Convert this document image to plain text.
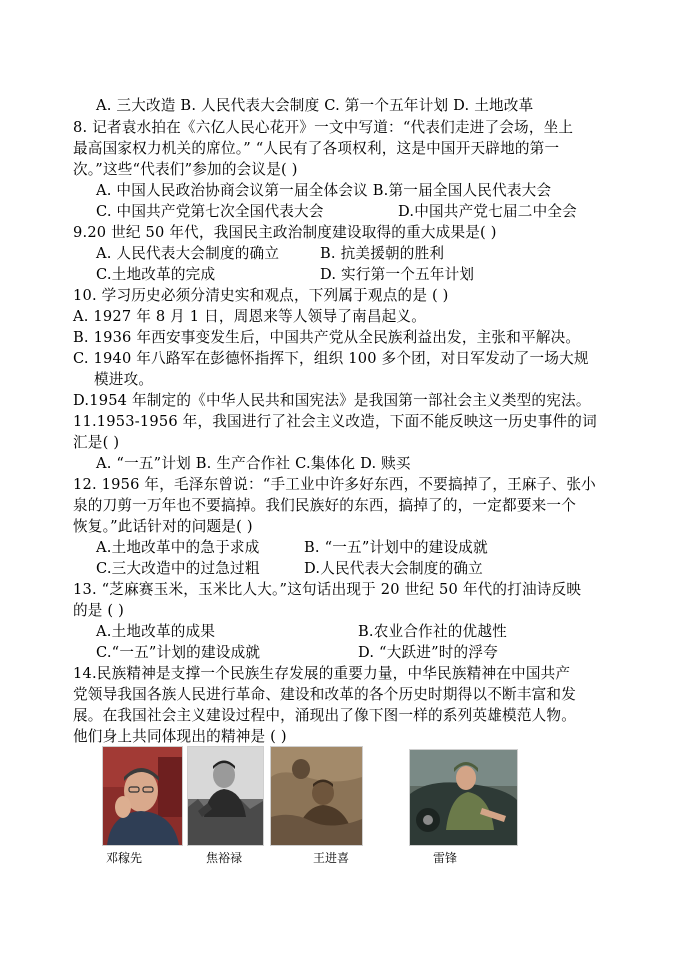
A. 三大改造 B. 人民代表大会制度 C. 第一个五年计划 D. 土地改革
8. 记者袁水拍在《六亿人民心花开》一文中写道：“代表们走进了会场，坐上
最高国家权力机关的席位。” “人民有了各项权利，这是中国开天辟地的第一
次。”这些“代表们”参加的会议是( )
A. 中国人民政治协商会议第一届全体会议 B.第一届全国人民代表大会
C. 中国共产党第七次全国代表大会	D.中国共产党七届二中全会
9.20 世纪 50 年代，我国民主政治制度建设取得的重大成果是( )
A. 人民代表大会制度的确立	B. 抗美援朝的胜利
C.土地改革的完成	D. 实行第一个五年计划
10. 学习历史必须分清史实和观点，下列属于观点的是 ( )
A. 1927 年 8 月 1 日，周恩来等人领导了南昌起义。
B. 1936 年西安事变发生后，中国共产党从全民族利益出发，主张和平解决。
C. 1940 年八路军在彭德怀指挥下，组织 100 多个团，对日军发动了一场大规
模进攻。
D.1954 年制定的《中华人民共和国宪法》是我国第一部社会主义类型的宪法。
11.1953-1956 年，我国进行了社会主义改造，下面不能反映这一历史事件的词
汇是( )
A. “一五”计划 B. 生产合作社 C.集体化 D. 赎买
12. 1956 年，毛泽东曾说：“手工业中许多好东西，不要搞掉了，王麻子、张小
泉的刀剪一万年也不要搞掉。我们民族好的东西，搞掉了的，一定都要来一个
恢复。”此话针对的问题是( )
A.土地改革中的急于求成	B. “一五”计划中的建设成就
C.三大改造中的过急过粗	D.人民代表大会制度的确立
13. “芝麻赛玉米，玉米比人大。”这句话出现于 20 世纪 50 年代的打油诗反映
的是 ( )
A.土地改革的成果	B.农业合作社的优越性
C.“一五”计划的建设成就	D. “大跃进”时的浮夸
14.民族精神是支撑一个民族生存发展的重要力量，中华民族精神在中国共产
党领导我国各族人民进行革命、建设和改革的各个历史时期得以不断丰富和发
展。在我国社会主义建设过程中，涌现出了像下图一样的系列英雄模范人物。
他们身上共同体现出的精神是 ( )
邓稼先	焦裕禄	王进喜	雷锋
